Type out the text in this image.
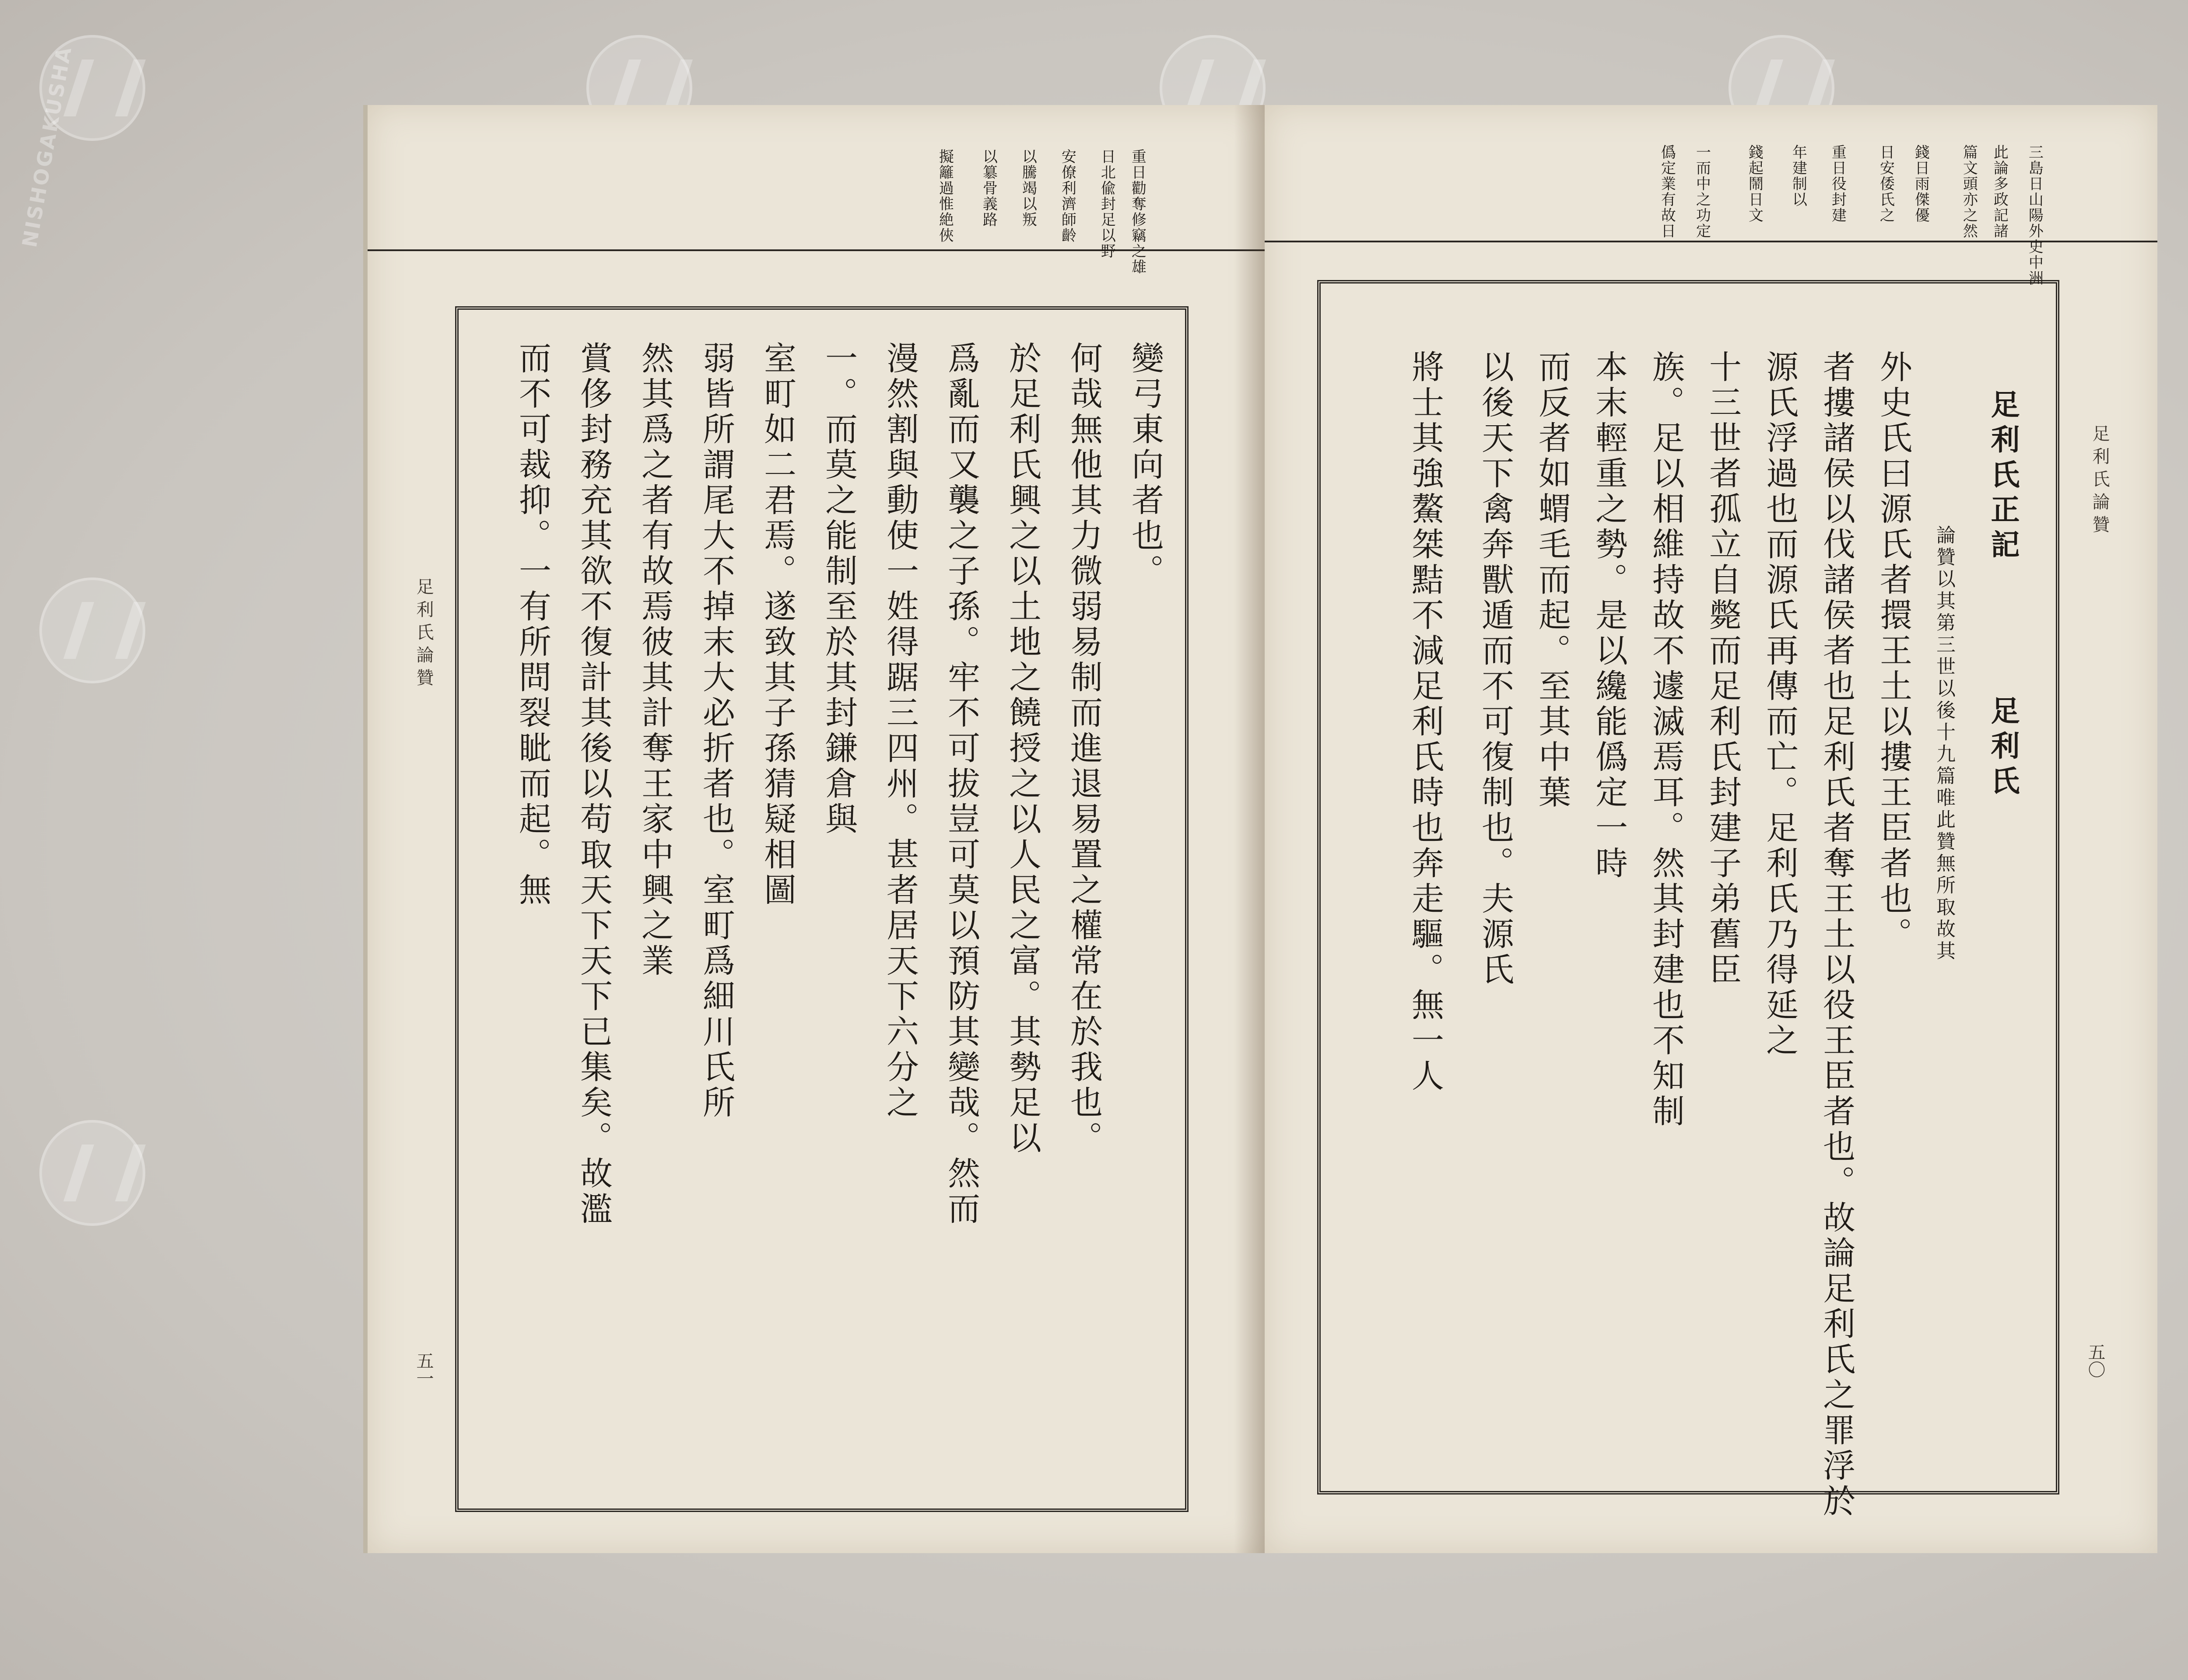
NISHOGAKUSHA
足利氏論贊
五一
重日勸奪修竊之雄
日北偸封足以野
安僚利濟師齡
以騰竭以叛
以簒骨義路
擬籬過惟絶俠
變弓東向者也。
何哉無他其力微弱易制而進退易置之權常在於我也。
於足利氏興之以土地之饒授之以人民之富。其勢足以
爲亂而又襲之子孫。牢不可拔豈可莫以預防其變哉。然而
漫然割與動使一姓得踞三四州。甚者居天下六分之
一。而莫之能制至於其封鎌倉與
室町如二君焉。遂致其子孫猜疑相圖
弱皆所謂尾大不掉末大必折者也。室町爲細川氏所
然其爲之者有故焉彼其計奪王家中興之業
賞侈封務充其欲不復計其後以苟取天下天下已集矣。故濫
而不可裁抑。一有所問裂眦而起。無	足利氏論贊
五〇
三島日山陽外史中洲
此論多政記諸
篇文頭亦之然
錢日雨傑優
日安倭氏之
重日役封建
年建制以
錢起鬧日文
一而中之功定
僞定業有故日
足利氏正記
足利氏
論贊以其第三世以後十九篇唯此贊無所取故其
外史氏曰源氏者擐王土以摟王臣者也。
者摟諸侯以伐諸侯者也足利氏者奪王土以役王臣者也。故論足利氏之罪浮於
源氏浮過也而源氏再傳而亡。足利氏乃得延之
十三世者孤立自斃而足利氏封建子弟舊臣
族。足以相維持故不遽滅焉耳。然其封建也不知制
本末輕重之勢。是以纔能僞定一時
而反者如蝟毛而起。至其中葉
以後天下禽奔獸遁而不可復制也。夫源氏
將士其強鰲桀黠不減足利氏時也奔走驅。無一人
